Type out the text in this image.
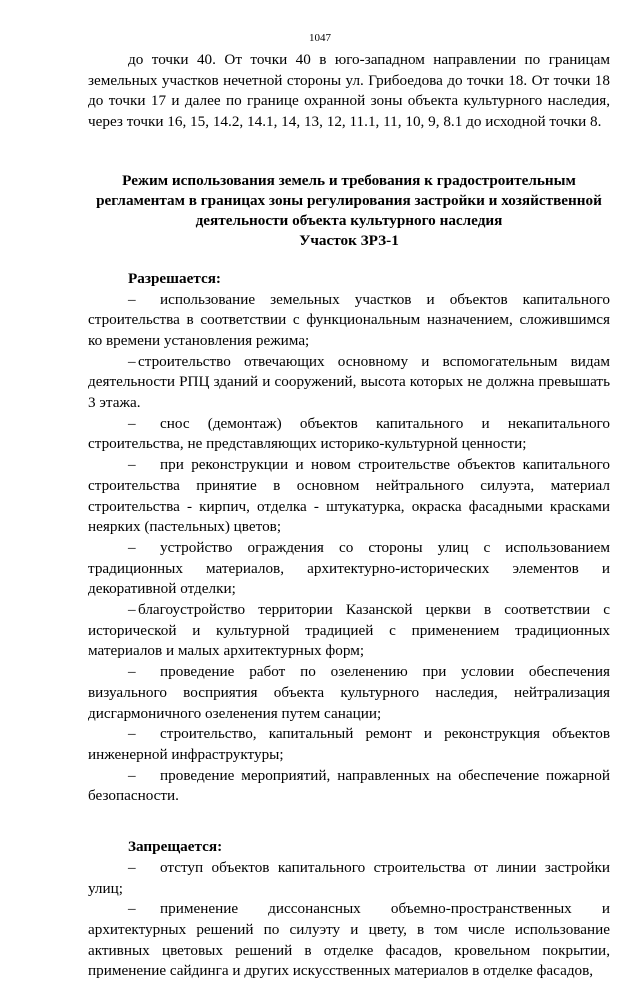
1047

до точки 40. От точки 40 в юго-западном направлении по границам земельных участков нечетной стороны ул. Грибоедова до точки 18. От точки 18 до точки 17 и далее по границе охранной зоны объекта культурного наследия, через точки 16, 15, 14.2, 14.1, 14, 13, 12, 11.1, 11, 10, 9, 8.1 до исходной точки 8.

Режим использования земель и требования к градостроительным
регламентам в границах зоны регулирования застройки и хозяйственной
деятельности объекта культурного наследия
Участок ЗРЗ-1

Разрешается:

– использование земельных участков и объектов капитального строительства в соответствии с функциональным назначением, сложившимся ко времени установления режима;

– строительство отвечающих основному и вспомогательным видам деятельности РПЦ зданий и сооружений, высота которых не должна превышать 3 этажа.

– снос (демонтаж) объектов капитального и некапитального строительства, не представляющих историко-культурной ценности;

– при реконструкции и новом строительстве объектов капитального строительства принятие в основном нейтрального силуэта, материал строительства - кирпич, отделка - штукатурка, окраска фасадными красками неярких (пастельных) цветов;

– устройство ограждения со стороны улиц с использованием традиционных материалов, архитектурно-исторических элементов и декоративной отделки;

– благоустройство территории Казанской церкви в соответствии с исторической и культурной традицией с применением традиционных материалов и малых архитектурных форм;

– проведение работ по озеленению при условии обеспечения визуального восприятия объекта культурного наследия, нейтрализация дисгармоничного озеленения путем санации;

– строительство, капитальный ремонт и реконструкция объектов инженерной инфраструктуры;

– проведение мероприятий, направленных на обеспечение пожарной безопасности.

Запрещается:

– отступ объектов капитального строительства от линии застройки улиц;

– применение диссонансных объемно-пространственных и архитектурных решений по силуэту и цвету, в том числе использование активных цветовых решений в отделке фасадов, кровельном покрытии, применение сайдинга и других искусственных материалов в отделке фасадов,
